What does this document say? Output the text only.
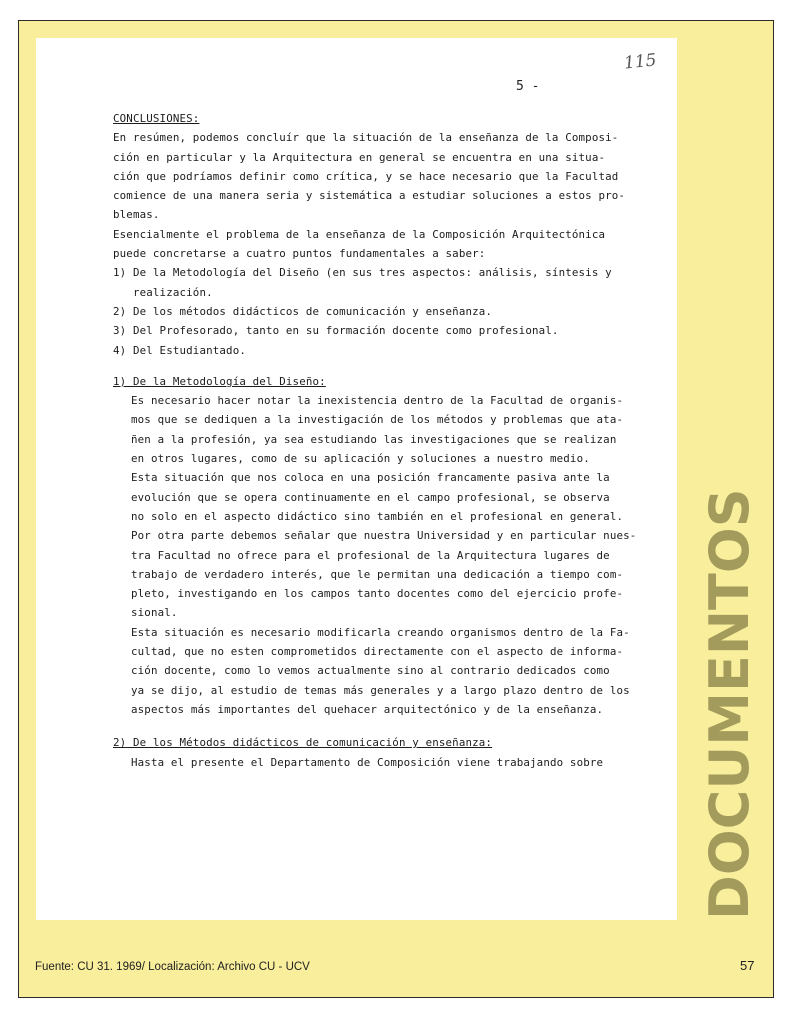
115
5 -
CONCLUSIONES:
En resúmen, podemos concluír que la situación de la enseñanza de la Composi-
ción en particular y la Arquitectura en general se encuentra en una situa-
ción que podríamos definir como crítica, y se hace necesario que la Facultad
comience de una manera seria y sistemática a estudiar soluciones a estos pro-
blemas.
Esencialmente el problema de la enseñanza de la Composición Arquitectónica
puede concretarse a cuatro puntos fundamentales a saber:
1) De la Metodología del Diseño (en sus tres aspectos: análisis, síntesis y
realización.
2) De los métodos didácticos de comunicación y enseñanza.
3) Del Profesorado, tanto en su formación docente como profesional.
4) Del Estudiantado.
1) De la Metodología del Diseño:
Es necesario hacer notar la inexistencia dentro de la Facultad de organis-
mos que se dediquen a la investigación de los métodos y problemas que ata-
ñen a la profesión, ya sea estudiando las investigaciones que se realizan
en otros lugares, como de su aplicación y soluciones a nuestro medio.
Esta situación que nos coloca en una posición francamente pasiva ante la
evolución que se opera continuamente en el campo profesional, se observa
no solo en el aspecto didáctico sino también en el profesional en general.
Por otra parte debemos señalar que nuestra Universidad y en particular nues-
tra Facultad no ofrece para el profesional de la Arquitectura lugares de
trabajo de verdadero interés, que le permitan una dedicación a tiempo com-
pleto, investigando en los campos tanto docentes como del ejercicio profe-
sional.
Esta situación es necesario modificarla creando organismos dentro de la Fa-
cultad, que no esten comprometidos directamente con el aspecto de informa-
ción docente, como lo vemos actualmente sino al contrario dedicados como
ya se dijo, al estudio de temas más generales y a largo plazo dentro de los
aspectos más importantes del quehacer arquitectónico y de la enseñanza.
2) De los Métodos didácticos de comunicación y enseñanza:
Hasta el presente el Departamento de Composición viene trabajando sobre	DOCUMENTOS
Fuente: CU 31. 1969/ Localización: Archivo CU - UCV	57
